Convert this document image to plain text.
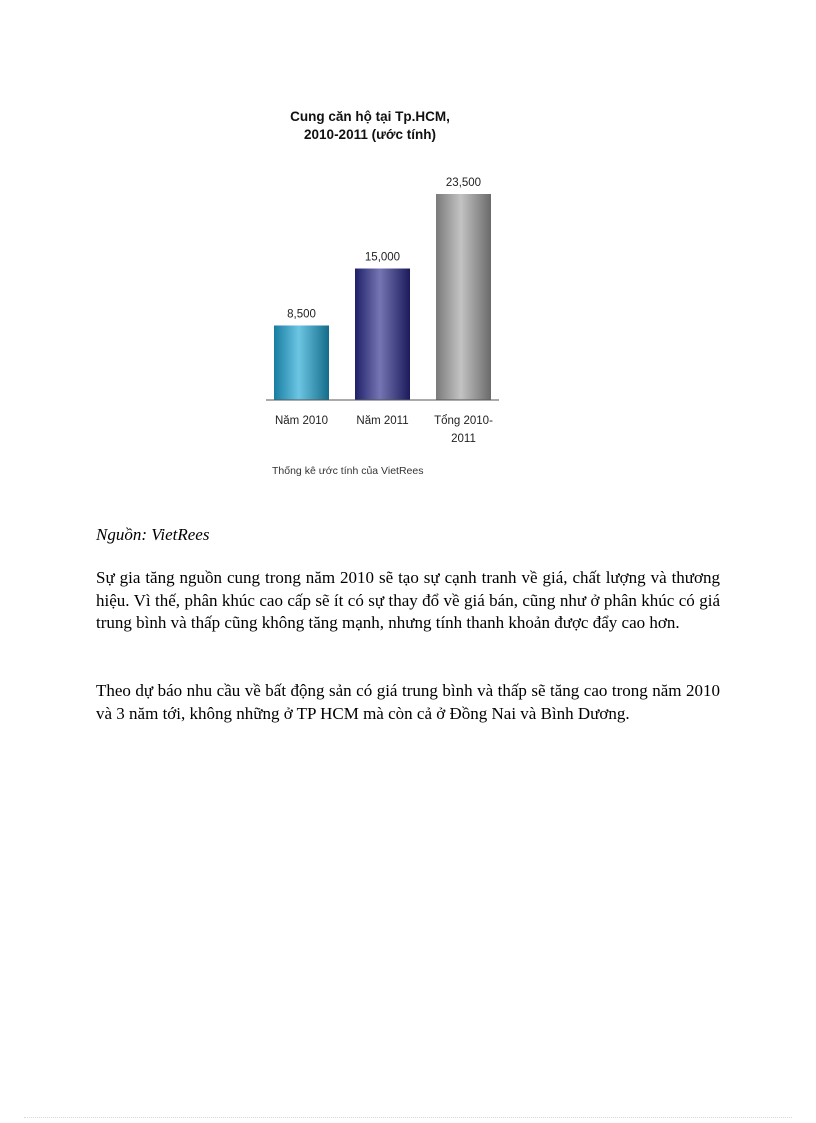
Cung căn hộ tại Tp.HCM,
2010-2011 (ước tính)
8,500
15,000
23,500
Năm 2010 Năm 2011 Tổng 2010-2011
Thống kê ước tính của VietRees
Nguồn: VietRees

Sự gia tăng nguồn cung trong năm 2010 sẽ tạo sự cạnh tranh về giá, chất lượng và thương hiệu. Vì thế, phân khúc cao cấp sẽ ít có sự thay đổ về giá bán, cũng như ở phân khúc có giá trung bình và thấp cũng không tăng mạnh, nhưng tính thanh khoản được đẩy cao hơn.

Theo dự báo nhu cầu về bất động sản có giá trung bình và thấp sẽ tăng cao trong năm 2010 và 3 năm tới, không những ở TP HCM mà còn cả ở Đồng Nai và Bình Dương.
